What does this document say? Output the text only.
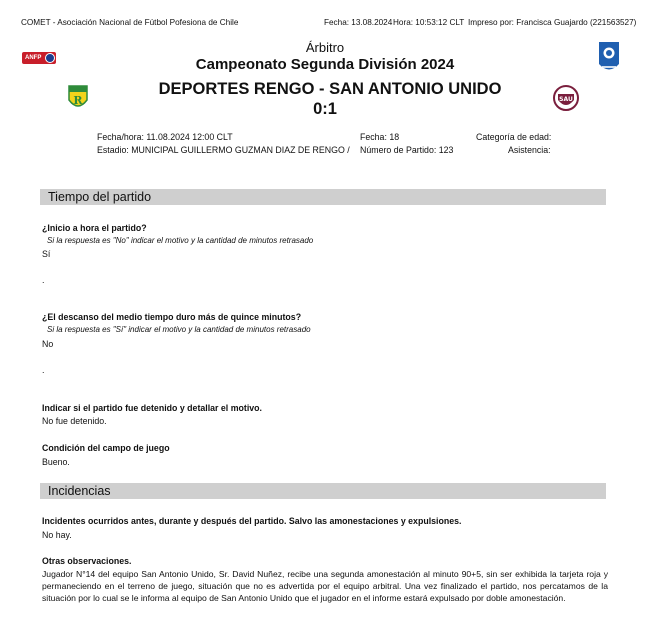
COMET - Asociación Nacional de Fútbol Pofesiona de Chile	Fecha: 13.08.2024 Hora: 10:53:12 CLT Impreso por: Francisca Guajardo (221563527)
ANFP
Árbitro
Campeonato Segunda División 2024
DEPORTES RENGO - SAN ANTONIO UNIDO
0:1
R	SAU
Fecha/hora: 11.08.2024 12:00 CLT
Estadio: MUNICIPAL GUILLERMO GUZMAN DIAZ DE RENGO /
Fecha: 18
Número de Partido: 123
Categoría de edad:
Asistencia:
Tiempo del partido
¿Inicio a hora el partido?
Si la respuesta es "No" indicar el motivo y la cantidad de minutos retrasado
Sí
.
¿El descanso del medio tiempo duro más de quince minutos?
Si la respuesta es "Sí" indicar el motivo y la cantidad de minutos retrasado
No
.
Indicar si el partido fue detenido y detallar el motivo.
No fue detenido.
Condición del campo de juego
Bueno.
Incidencias
Incidentes ocurridos antes, durante y después del partido. Salvo las amonestaciones y expulsiones.
No hay.
Otras observaciones.
Jugador N°14 del equipo San Antonio Unido, Sr. David Nuñez, recibe una segunda amonestación al minuto 90+5, sin ser exhibida la tarjeta roja y permaneciendo en el terreno de juego, situación que no es advertida por el equipo arbitral. Una vez finalizado el partido, nos percatamos de la situación por lo cual se le informa al equipo de San Antonio Unido que el jugador en el informe estará expulsado por doble amonestación.
